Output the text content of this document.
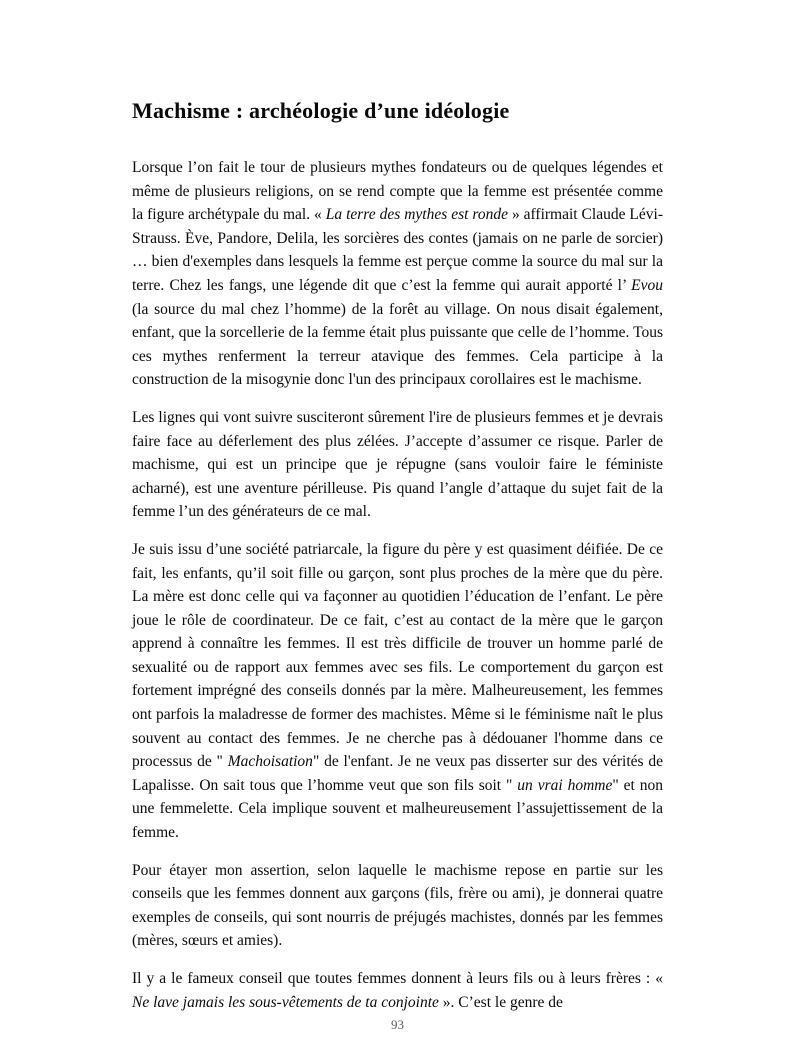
Machisme : archéologie d’une idéologie

Lorsque l’on fait le tour de plusieurs mythes fondateurs ou de quelques légendes et même de plusieurs religions, on se rend compte que la femme est présentée comme la figure archétypale du mal. « La terre des mythes est ronde » affirmait Claude Lévi-Strauss. Ève, Pandore, Delila, les sorcières des contes (jamais on ne parle de sorcier) … bien d'exemples dans lesquels la femme est perçue comme la source du mal sur la terre. Chez les fangs, une légende dit que c’est la femme qui aurait apporté l’ Evou (la source du mal chez l’homme) de la forêt au village. On nous disait également, enfant, que la sorcellerie de la femme était plus puissante que celle de l’homme. Tous ces mythes renferment la terreur atavique des femmes. Cela participe à la construction de la misogynie donc l'un des principaux corollaires est le machisme.

Les lignes qui vont suivre susciteront sûrement l'ire de plusieurs femmes et je devrais faire face au déferlement des plus zélées. J’accepte d’assumer ce risque. Parler de machisme, qui est un principe que je répugne (sans vouloir faire le féministe acharné), est une aventure périlleuse. Pis quand l’angle d’attaque du sujet fait de la femme l’un des générateurs de ce mal.

Je suis issu d’une société patriarcale, la figure du père y est quasiment déifiée. De ce fait, les enfants, qu’il soit fille ou garçon, sont plus proches de la mère que du père. La mère est donc celle qui va façonner au quotidien l’éducation de l’enfant. Le père joue le rôle de coordinateur. De ce fait, c’est au contact de la mère que le garçon apprend à connaître les femmes. Il est très difficile de trouver un homme parlé de sexualité ou de rapport aux femmes avec ses fils. Le comportement du garçon est fortement imprégné des conseils donnés par la mère. Malheureusement, les femmes ont parfois la maladresse de former des machistes. Même si le féminisme naît le plus souvent au contact des femmes. Je ne cherche pas à dédouaner l'homme dans ce processus de " Machoisation" de l'enfant. Je ne veux pas disserter sur des vérités de Lapalisse. On sait tous que l’homme veut que son fils soit " un vrai homme" et non une femmelette. Cela implique souvent et malheureusement l’assujettissement de la femme.

Pour étayer mon assertion, selon laquelle le machisme repose en partie sur les conseils que les femmes donnent aux garçons (fils, frère ou ami), je donnerai quatre exemples de conseils, qui sont nourris de préjugés machistes, donnés par les femmes (mères, sœurs et amies).

Il y a le fameux conseil que toutes femmes donnent à leurs fils ou à leurs frères : « Ne lave jamais les sous-vêtements de ta conjointe ». C’est le genre de

93
